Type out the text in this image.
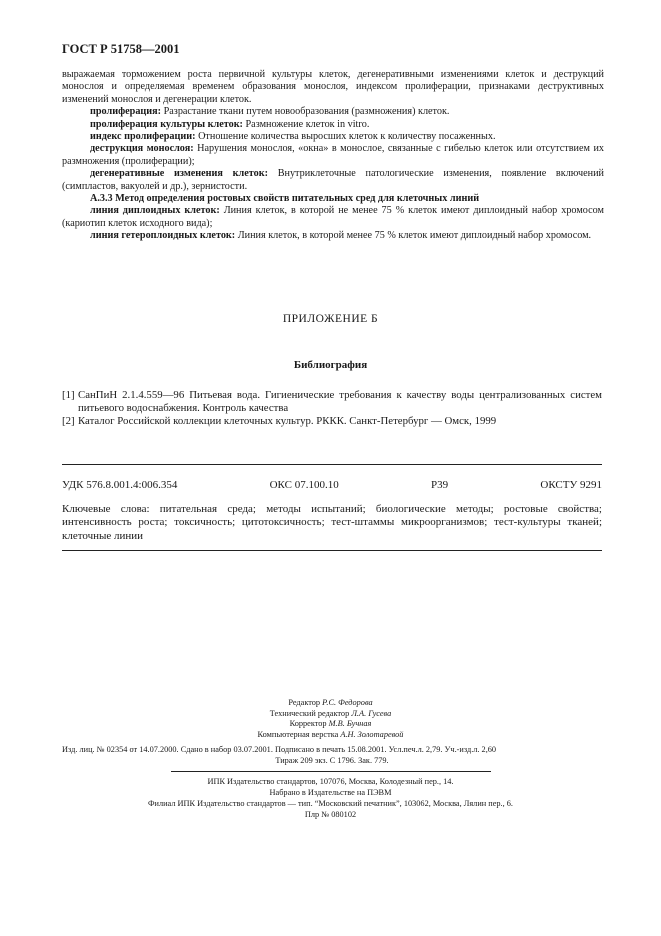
ГОСТ Р 51758—2001

выражаемая торможением роста первичной культуры клеток, дегенеративными изменениями клеток и деструкций монослоя и определяемая временем образования монослоя, индексом пролиферации, признаками деструктивных изменений монослоя и дегенерации клеток.

пролиферация: Разрастание ткани путем новообразования (размножения) клеток.

пролиферация культуры клеток: Размножение клеток in vitro.

индекс пролиферации: Отношение количества выросших клеток к количеству посаженных.

деструкция монослоя: Нарушения монослоя, «окна» в монослое, связанные с гибелью клеток или отсутствием их размножения (пролиферации);

дегенеративные изменения клеток: Внутриклеточные патологические изменения, появление включений (симпластов, вакуолей и др.), зернистости.

А.3.3 Метод определения ростовых свойств питательных сред для клеточных линий

линия диплоидных клеток: Линия клеток, в которой не менее 75 % клеток имеют диплоидный набор хромосом (кариотип клеток исходного вида);

линия гетероплоидных клеток: Линия клеток, в которой менее 75 % клеток имеют диплоидный набор хромосом.

ПРИЛОЖЕНИЕ Б
Библиография
[1] СанПиН 2.1.4.559—96 Питьевая вода. Гигиенические требования к качеству воды централизованных систем питьевого водоснабжения. Контроль качества
[2] Каталог Российской коллекции клеточных культур. РККК. Санкт-Петербург — Омск, 1999
УДК 576.8.001.4:006.354	ОКС 07.100.10	Р39	ОКСТУ 9291
Ключевые слова: питательная среда; методы испытаний; биологические методы; ростовые свойства; интенсивность роста; токсичность; цитотоксичность; тест-штаммы микроорганизмов; тест-культуры тканей; клеточные линии
Редактор Р.С. Федорова
Технический редактор Л.А. Гусева
Корректор М.В. Бучная
Компьютерная верстка А.Н. Золотаревой
Изд. лиц. № 02354 от 14.07.2000. Сдано в набор 03.07.2001. Подписано в печать 15.08.2001. Усл.печ.л. 2,79. Уч.-изд.л. 2,60
Тираж 209 экз. С 1796. Зак. 779.
ИПК Издательство стандартов, 107076, Москва, Колодезный пер., 14.
Набрано в Издательстве на ПЭВМ
Филиал ИПК Издательство стандартов — тип. “Московский печатник”, 103062, Москва, Лялин пер., 6.
Плр № 080102
